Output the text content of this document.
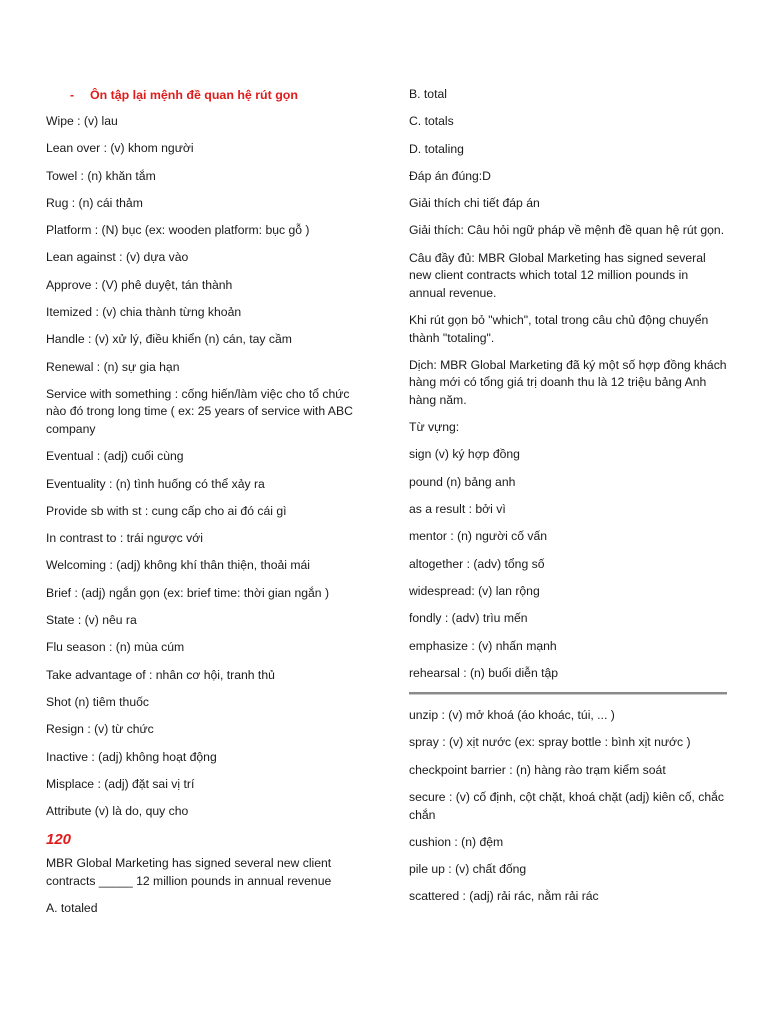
- Ôn tập lại mệnh đề quan hệ rút gọn
Wipe : (v) lau
Lean over : (v) khom người
Towel : (n) khăn tắm
Rug : (n) cái thảm
Platform : (N) bục (ex: wooden platform: bục gỗ )
Lean against : (v) dựa vào
Approve : (V) phê duyệt, tán thành
Itemized : (v) chia thành từng khoản
Handle : (v) xử lý, điều khiển (n) cán, tay cầm
Renewal : (n) sự gia hạn
Service with something : cống hiến/làm việc cho tổ chức nào đó trong long time ( ex: 25 years of service with ABC company
Eventual : (adj) cuối cùng
Eventuality : (n) tình huống có thể xảy ra
Provide sb with st : cung cấp cho ai đó cái gì
In contrast to : trái ngược với
Welcoming : (adj) không khí thân thiện, thoải mái
Brief : (adj) ngắn gọn (ex: brief time: thời gian ngắn )
State : (v) nêu ra
Flu season : (n) mùa cúm
Take advantage of : nhân cơ hội, tranh thủ
Shot (n) tiêm thuốc
Resign : (v) từ chức
Inactive : (adj) không hoạt động
Misplace : (adj) đặt sai vị trí
Attribute (v) là do, quy cho
120
MBR Global Marketing has signed several new client contracts _____ 12 million pounds in annual revenue
A. totaled
B. total
C. totals
D. totaling
Đáp án đúng:D
Giải thích chi tiết đáp án
Giải thích: Câu hỏi ngữ pháp về mệnh đề quan hệ rút gọn.
Câu đầy đủ: MBR Global Marketing has signed several new client contracts which total 12 million pounds in annual revenue.
Khi rút gọn bỏ "which", total trong câu chủ động chuyển thành "totaling".
Dịch: MBR Global Marketing đã ký một số hợp đồng khách hàng mới có tổng giá trị doanh thu là 12 triệu bảng Anh hàng năm.
Từ vựng:
sign (v) ký hợp đồng
pound (n) bảng anh
as a result : bởi vì
mentor : (n) người cố vấn
altogether : (adv) tổng số
widespread: (v) lan rộng
fondly : (adv) trìu mến
emphasize : (v) nhấn mạnh
rehearsal : (n) buổi diễn tập
unzip : (v) mở khoá (áo khoác, túi, ... )
spray : (v) xịt nước (ex: spray bottle : bình xịt nước )
checkpoint barrier : (n) hàng rào trạm kiểm soát
secure : (v) cố định, cột chặt, khoá chặt (adj) kiên cố, chắc chắn
cushion : (n) đệm
pile up : (v) chất đống
scattered : (adj) rải rác, nằm rải rác
